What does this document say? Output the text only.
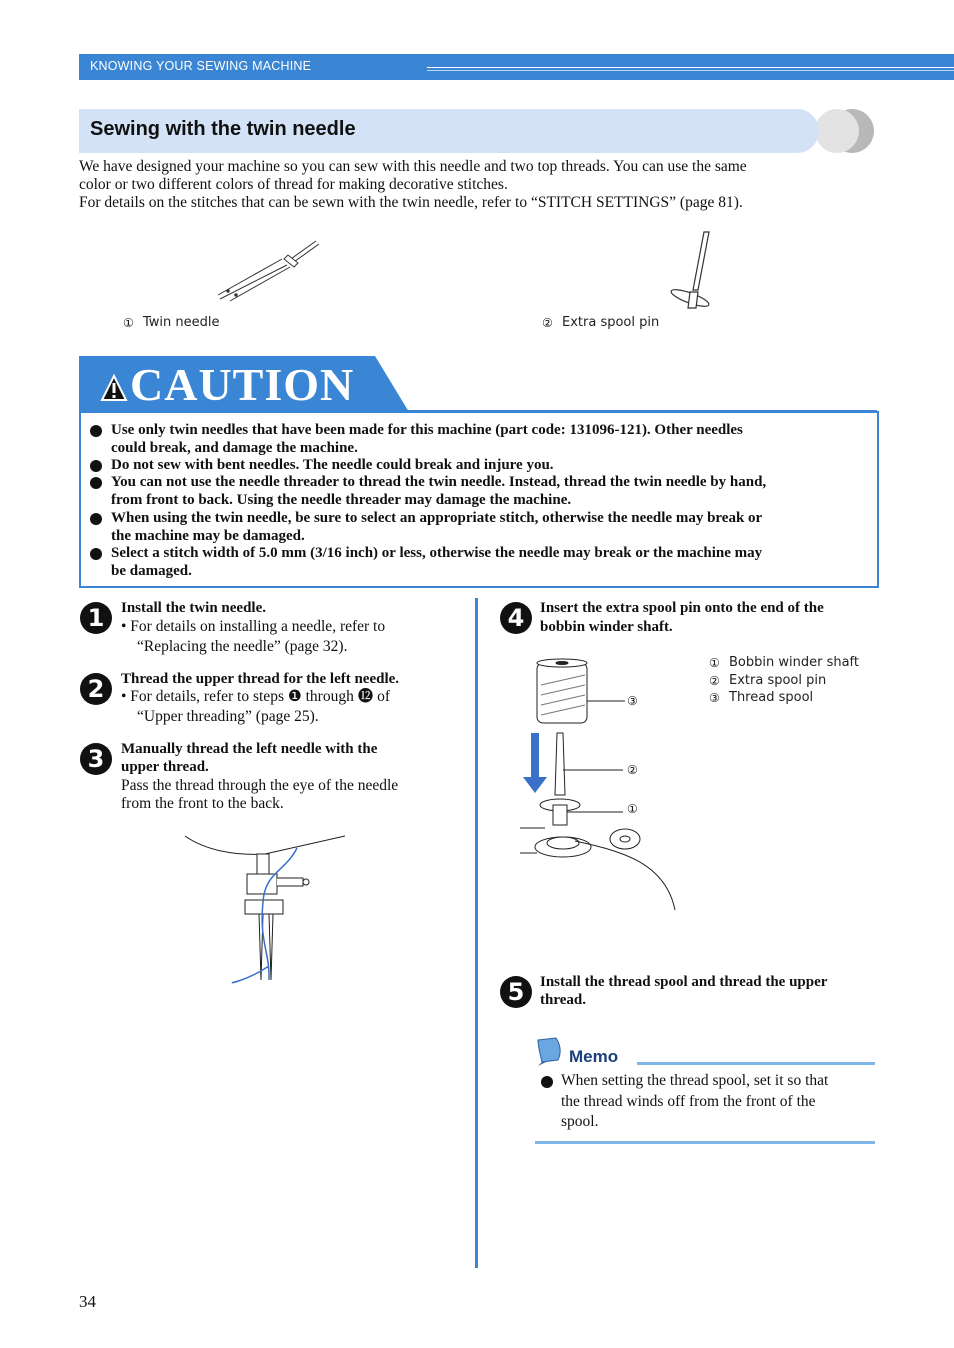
KNOWING YOUR SEWING MACHINE
Sewing with the twin needle

We have designed your machine so you can sew with this needle and two top threads. You can use the same

color or two different colors of thread for making decorative stitches.

For details on the stitches that can be sewn with the twin needle, refer to “STITCH SETTINGS” (page 81).

① Twin needle	② Extra spool pin
CAUTION
Use only twin needles that have been made for this machine (part code: 131096-121). Other needles
could break, and damage the machine.
Do not sew with bent needles. The needle could break and injure you.
You can not use the needle threader to thread the twin needle. Instead, thread the twin needle by hand,
from front to back. Using the needle threader may damage the machine.
When using the twin needle, be sure to select an appropriate stitch, otherwise the needle may break or
the machine may be damaged.
Select a stitch width of 5.0 mm (3/16 inch) or less, otherwise the needle may break or the machine may
be damaged.
1	Install the twin needle.
• For details on installing a needle, refer to
“Replacing the needle” (page 32).
2	Thread the upper thread for the left needle.
• For details, refer to steps ❶ through ⓬ of
“Upper threading” (page 25).
3	Manually thread the left needle with the
upper thread.
Pass the thread through the eye of the needle
from the front to the back.
4	Insert the extra spool pin onto the end of the
bobbin winder shaft.
③
②
①
① Bobbin winder shaft
② Extra spool pin
③ Thread spool
5	Install the thread spool and thread the upper
thread.
Memo
When setting the thread spool, set it so that
the thread winds off from the front of the
spool.
34
